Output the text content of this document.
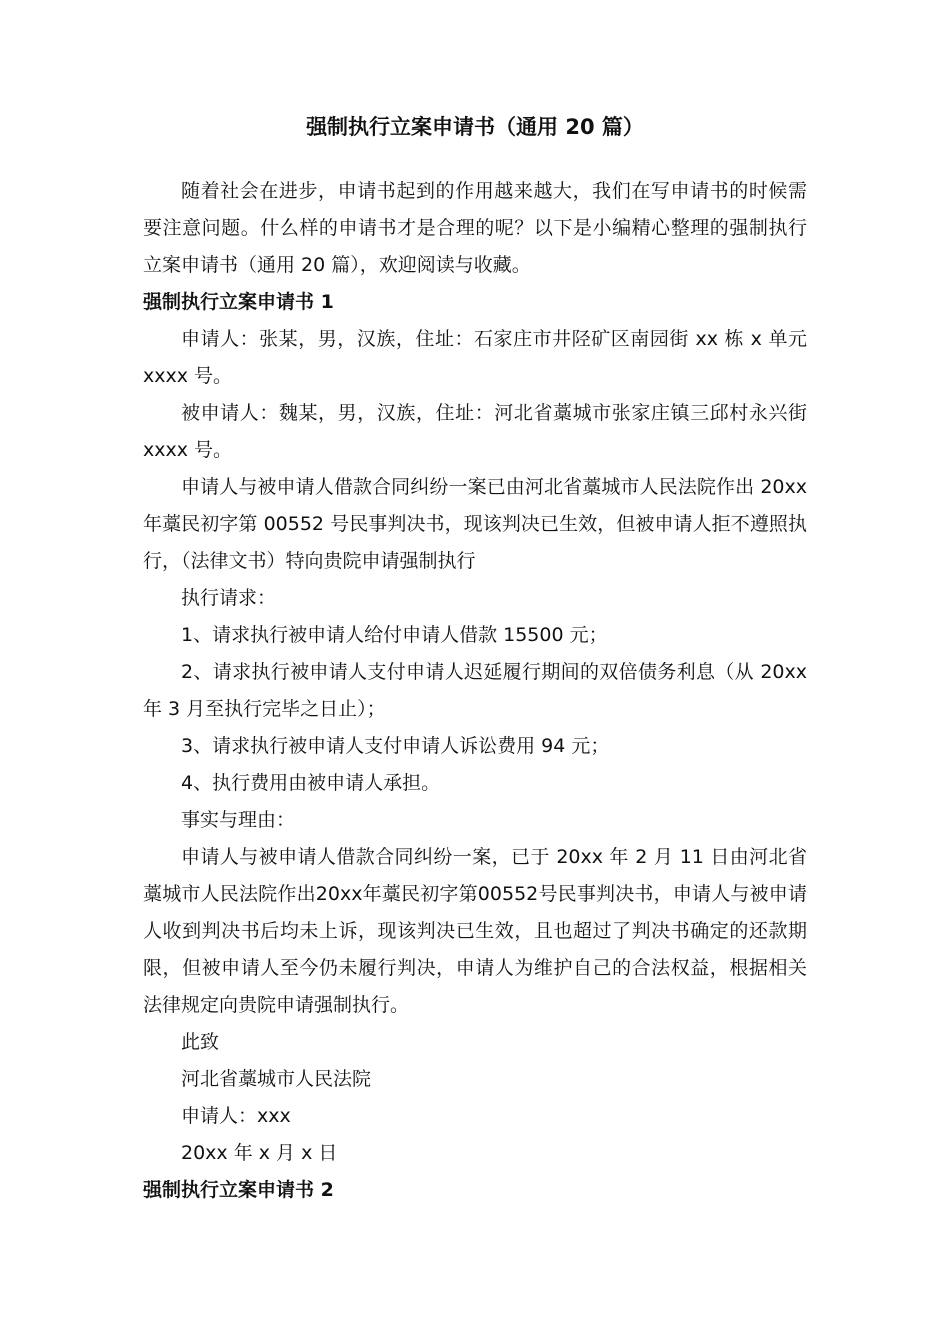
强制执行立案申请书（通用 20 篇）

随着社会在进步，申请书起到的作用越来越大，我们在写申请书的时候需要注意问题。什么样的申请书才是合理的呢？以下是小编精心整理的强制执行立案申请书（通用 20 篇），欢迎阅读与收藏。

强制执行立案申请书 1

申请人：张某，男，汉族，住址：石家庄市井陉矿区南园街 xx 栋 x 单元 xxxx 号。

被申请人：魏某，男，汉族，住址：河北省藁城市张家庄镇三邱村永兴街 xxxx 号。

申请人与被申请人借款合同纠纷一案已由河北省藁城市人民法院作出 20xx 年藁民初字第 00552 号民事判决书，现该判决已生效，但被申请人拒不遵照执行，（法律文书）特向贵院申请强制执行

执行请求：

1、请求执行被申请人给付申请人借款 15500 元；

2、请求执行被申请人支付申请人迟延履行期间的双倍债务利息（从 20xx 年 3 月至执行完毕之日止）；

3、请求执行被申请人支付申请人诉讼费用 94 元；

4、执行费用由被申请人承担。

事实与理由：

申请人与被申请人借款合同纠纷一案，已于 20xx 年 2 月 11 日由河北省藁城市人民法院作出20xx年藁民初字第00552号民事判决书，申请人与被申请人收到判决书后均未上诉，现该判决已生效，且也超过了判决书确定的还款期限，但被申请人至今仍未履行判决，申请人为维护自己的合法权益，根据相关法律规定向贵院申请强制执行。

此致

河北省藁城市人民法院

申请人：xxx

20xx 年 x 月 x 日

强制执行立案申请书 2
